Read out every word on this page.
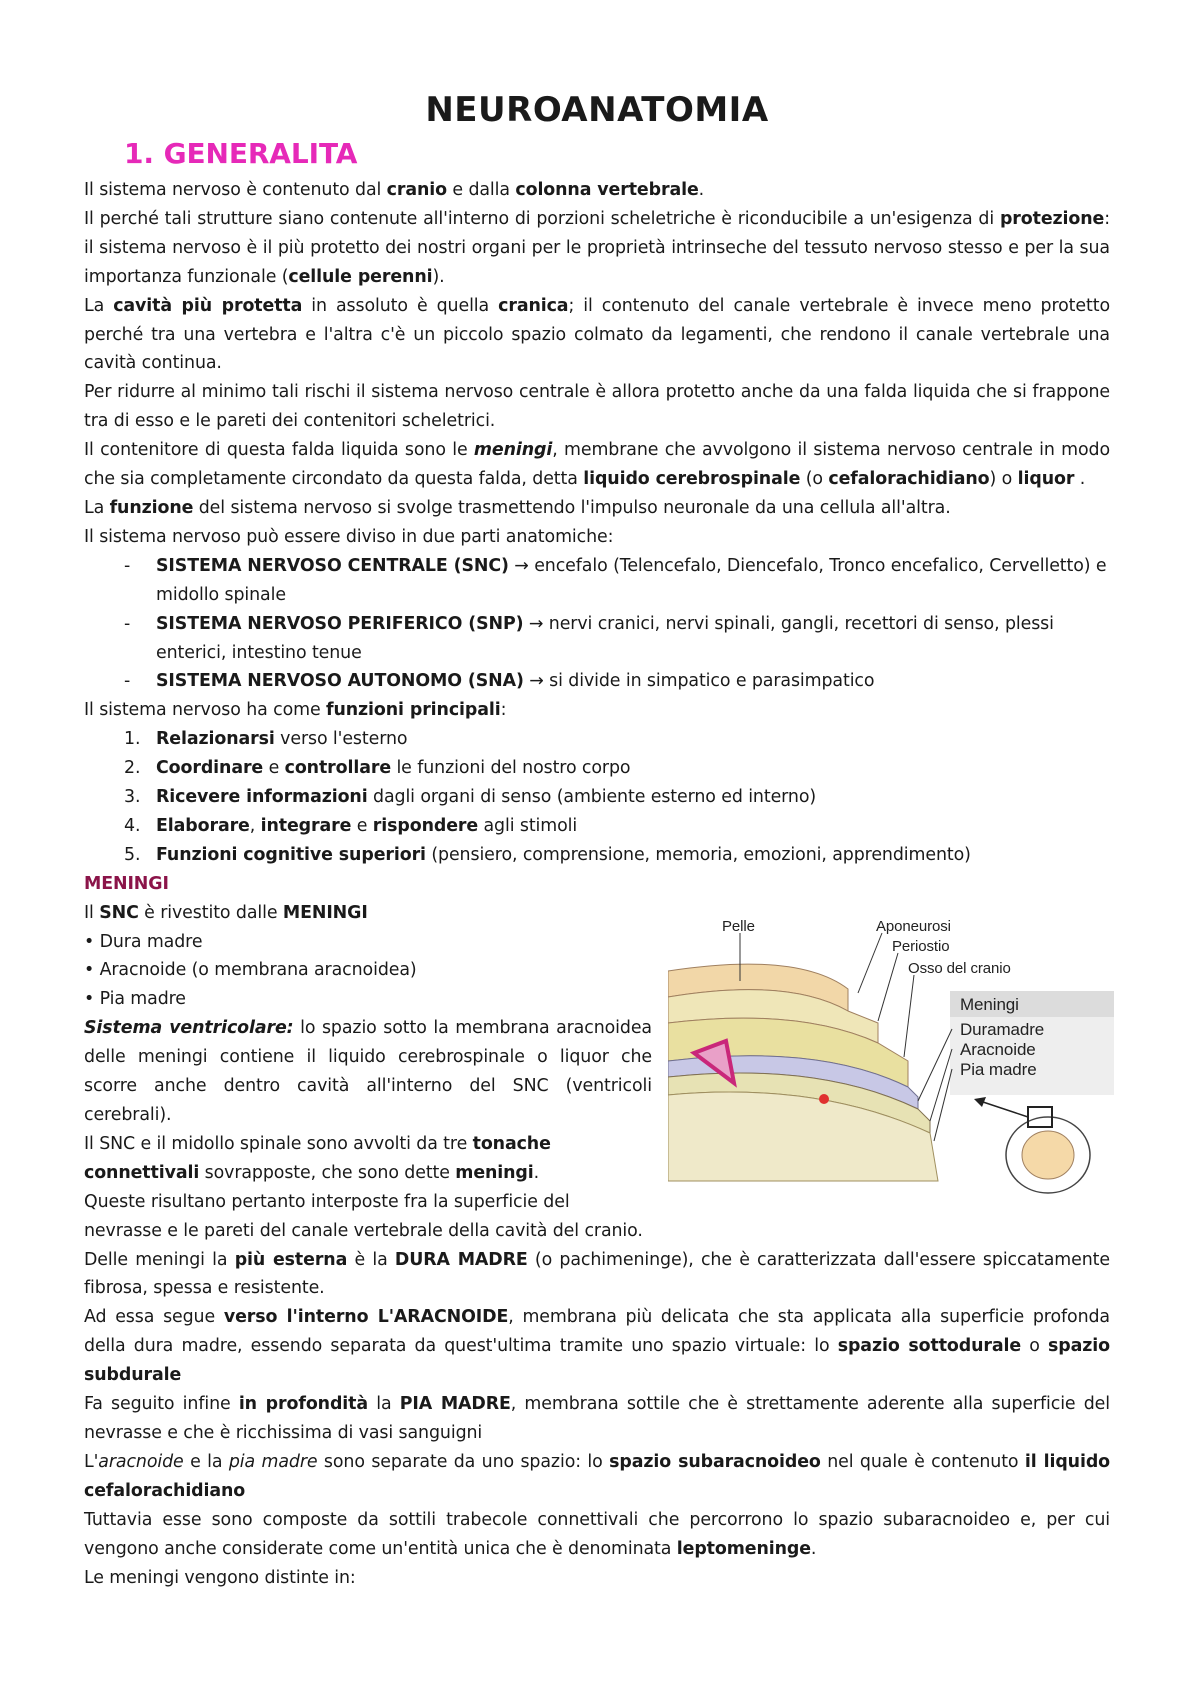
NEUROANATOMIA
1. GENERALITA

Il sistema nervoso è contenuto dal cranio e dalla colonna vertebrale.

Il perché tali strutture siano contenute all'interno di porzioni scheletriche è riconducibile a un'esigenza di protezione: il sistema nervoso è il più protetto dei nostri organi per le proprietà intrinseche del tessuto nervoso stesso e per la sua importanza funzionale (cellule perenni).

La cavità più protetta in assoluto è quella cranica; il contenuto del canale vertebrale è invece meno protetto perché tra una vertebra e l'altra c'è un piccolo spazio colmato da legamenti, che rendono il canale vertebrale una cavità continua.

Per ridurre al minimo tali rischi il sistema nervoso centrale è allora protetto anche da una falda liquida che si frappone tra di esso e le pareti dei contenitori scheletrici.

Il contenitore di questa falda liquida sono le meningi, membrane che avvolgono il sistema nervoso centrale in modo che sia completamente circondato da questa falda, detta liquido cerebrospinale (o cefalorachidiano) o liquor .

La funzione del sistema nervoso si svolge trasmettendo l'impulso neuronale da una cellula all'altra.

Il sistema nervoso può essere diviso in due parti anatomiche:

- SISTEMA NERVOSO CENTRALE (SNC) → encefalo (Telencefalo, Diencefalo, Tronco encefalico, Cervelletto) e midollo spinale
- SISTEMA NERVOSO PERIFERICO (SNP) → nervi cranici, nervi spinali, gangli, recettori di senso, plessi enterici, intestino tenue
- SISTEMA NERVOSO AUTONOMO (SNA) → si divide in simpatico e parasimpatico

Il sistema nervoso ha come funzioni principali:

1. Relazionarsi verso l'esterno
2. Coordinare e controllare le funzioni del nostro corpo
3. Ricevere informazioni dagli organi di senso (ambiente esterno ed interno)
4. Elaborare, integrare e rispondere agli stimoli
5. Funzioni cognitive superiori (pensiero, comprensione, memoria, emozioni, apprendimento)

MENINGI

Pelle	Aponeurosi
Periostio
Osso del cranio
Meningi
Duramadre
Aracnoide
Pia madre

Il SNC è rivestito dalle MENINGI

• Dura madre

• Aracnoide (o membrana aracnoidea)

• Pia madre

Sistema ventricolare: lo spazio sotto la membrana aracnoidea delle meningi contiene il liquido cerebrospinale o liquor che scorre anche dentro cavità all'interno del SNC (ventricoli cerebrali).

Il SNC e il midollo spinale sono avvolti da tre tonache connettivali sovrapposte, che sono dette meningi.

Queste risultano pertanto interposte fra la superficie del nevrasse e le pareti del canale vertebrale della cavità del cranio.

Delle meningi la più esterna è la DURA MADRE (o pachimeninge), che è caratterizzata dall'essere spiccatamente fibrosa, spessa e resistente.

Ad essa segue verso l'interno L'ARACNOIDE, membrana più delicata che sta applicata alla superficie profonda della dura madre, essendo separata da quest'ultima tramite uno spazio virtuale: lo spazio sottodurale o spazio subdurale

Fa seguito infine in profondità la PIA MADRE, membrana sottile che è strettamente aderente alla superficie del nevrasse e che è ricchissima di vasi sanguigni

L'aracnoide e la pia madre sono separate da uno spazio: lo spazio subaracnoideo nel quale è contenuto il liquido cefalorachidiano

Tuttavia esse sono composte da sottili trabecole connettivali che percorrono lo spazio subaracnoideo e, per cui vengono anche considerate come un'entità unica che è denominata leptomeninge.

Le meningi vengono distinte in:
